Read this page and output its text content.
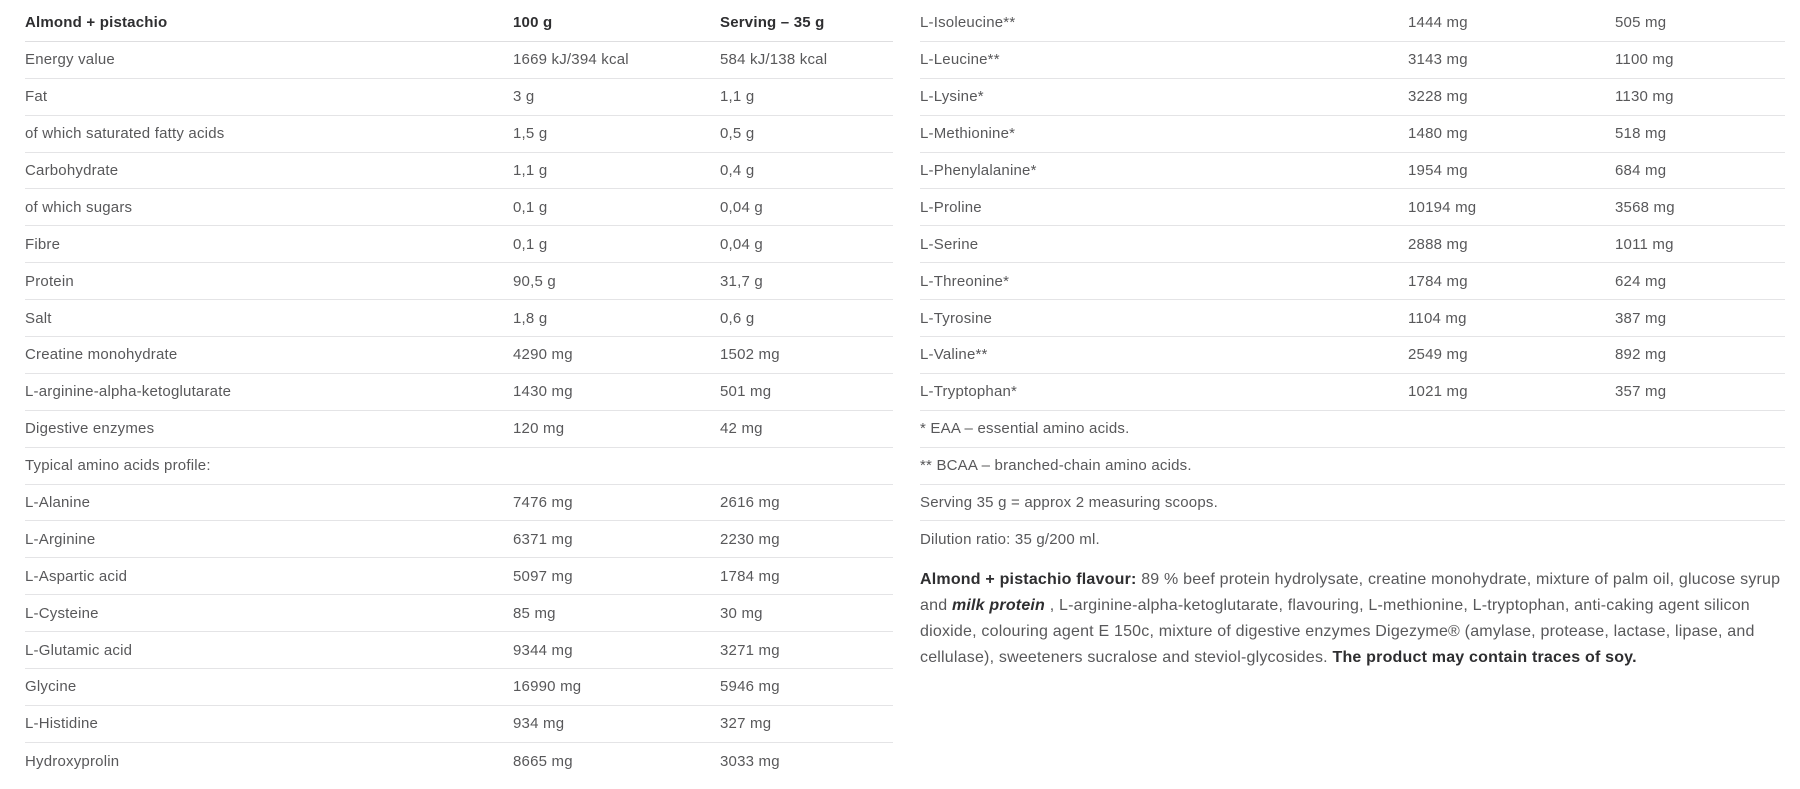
Almond + pistachio	100 g	Serving – 35 g
Energy value	1669 kJ/394 kcal	584 kJ/138 kcal
Fat	3 g	1,1 g
of which saturated fatty acids	1,5 g	0,5 g
Carbohydrate	1,1 g	0,4 g
of which sugars	0,1 g	0,04 g
Fibre	0,1 g	0,04 g
Protein	90,5 g	31,7 g
Salt	1,8 g	0,6 g
Creatine monohydrate	4290 mg	1502 mg
L-arginine-alpha-ketoglutarate	1430 mg	501 mg
Digestive enzymes	120 mg	42 mg
Typical amino acids profile:
L-Alanine	7476 mg	2616 mg
L-Arginine	6371 mg	2230 mg
L-Aspartic acid	5097 mg	1784 mg
L-Cysteine	85 mg	30 mg
L-Glutamic acid	9344 mg	3271 mg
Glycine	16990 mg	5946 mg
L-Histidine	934 mg	327 mg
Hydroxyprolin	8665 mg	3033 mg
L-Isoleucine**	1444 mg	505 mg
L-Leucine**	3143 mg	1100 mg
L-Lysine*	3228 mg	1130 mg
L-Methionine*	1480 mg	518 mg
L-Phenylalanine*	1954 mg	684 mg
L-Proline	10194 mg	3568 mg
L-Serine	2888 mg	1011 mg
L-Threonine*	1784 mg	624 mg
L-Tyrosine	1104 mg	387 mg
L-Valine**	2549 mg	892 mg
L-Tryptophan*	1021 mg	357 mg
* EAA – essential amino acids.
** BCAA – branched-chain amino acids.
Serving 35 g = approx 2 measuring scoops.
Dilution ratio: 35 g/200 ml.

Almond + pistachio flavour: 89 % beef protein hydrolysate, creatine monohydrate, mixture of palm oil, glucose syrup and milk protein , L-arginine-alpha-ketoglutarate, flavouring, L-methionine, L-tryptophan, anti-caking agent silicon dioxide, colouring agent E 150c, mixture of digestive enzymes Digezyme® (amylase, protease, lactase, lipase, and cellulase), sweeteners sucralose and steviol-glycosides. The product may contain traces of soy.
